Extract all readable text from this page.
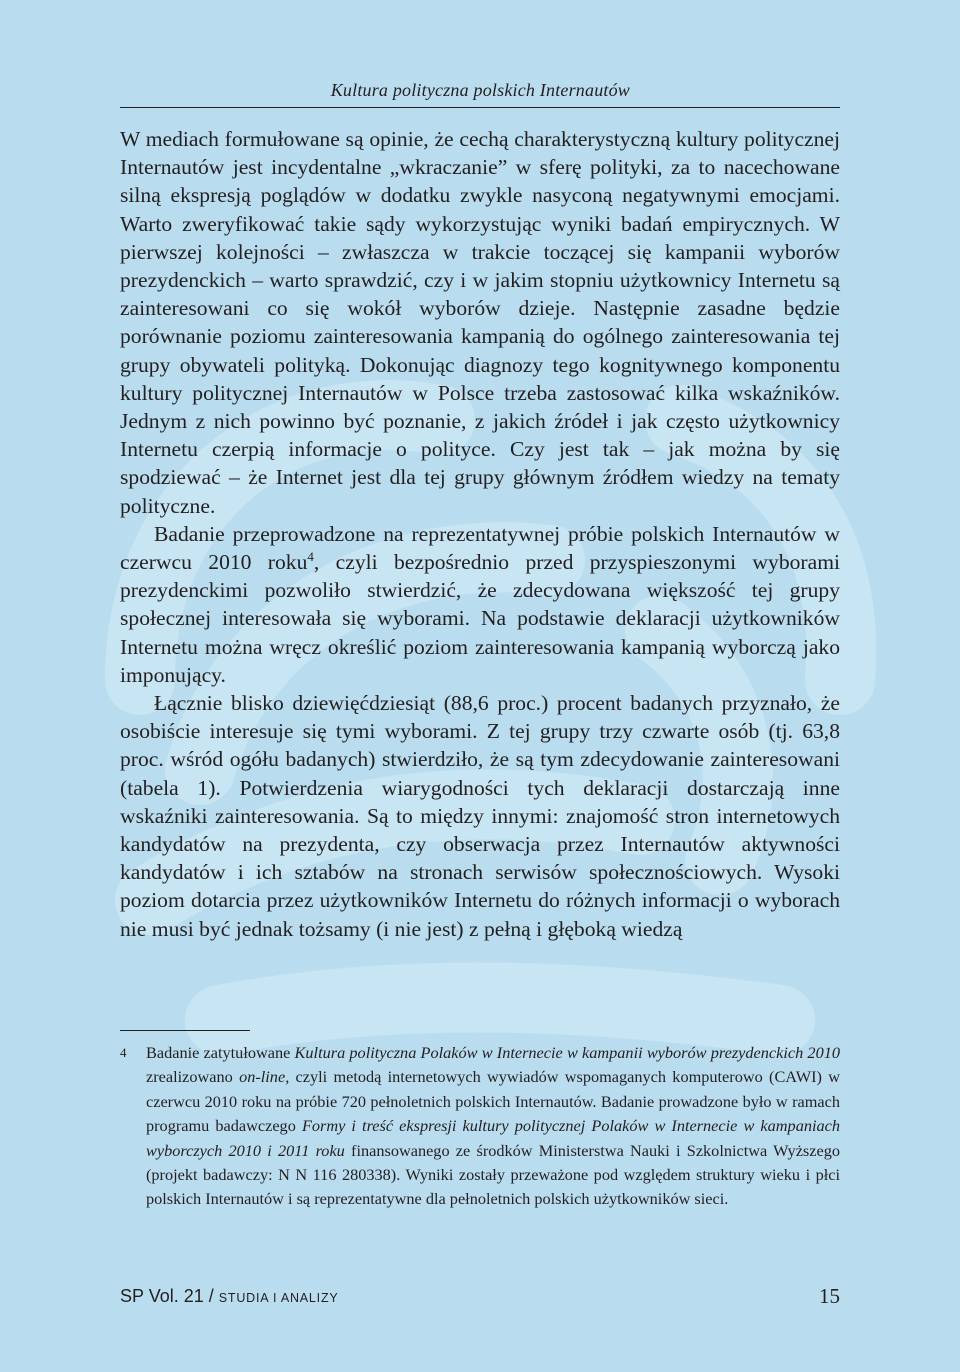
Kultura polityczna polskich Internautów

W mediach formułowane są opinie, że cechą charakterystyczną kultury politycznej Internautów jest incydentalne „wkraczanie” w sferę polityki, za to nacechowane silną ekspresją poglądów w dodatku zwykle nasyconą negatywnymi emocjami. Warto zweryfikować takie sądy wykorzystując wyniki badań empirycznych. W pierwszej kolejności – zwłaszcza w trakcie toczącej się kampanii wyborów prezydenckich – warto sprawdzić, czy i w jakim stopniu użytkownicy Internetu są zainteresowani co się wokół wyborów dzieje. Następnie zasadne będzie porównanie poziomu zainteresowania kampanią do ogólnego zainteresowania tej grupy obywateli polityką. Dokonując diagnozy tego kognitywnego komponentu kultury politycznej Internautów w Polsce trzeba zastosować kilka wskaźników. Jednym z nich powinno być poznanie, z jakich źródeł i jak często użytkownicy Internetu czerpią informacje o polityce. Czy jest tak – jak można by się spodziewać – że Internet jest dla tej grupy głównym źródłem wiedzy na tematy polityczne.

Badanie przeprowadzone na reprezentatywnej próbie polskich Internautów w czerwcu 2010 roku$^4$, czyli bezpośrednio przed przyspieszonymi wyborami prezydenckimi pozwoliło stwierdzić, że zdecydowana większość tej grupy społecznej interesowała się wyborami. Na podstawie deklaracji użytkowników Internetu można wręcz określić poziom zainteresowania kampanią wyborczą jako imponujący.

Łącznie blisko dziewięćdziesiąt (88,6 proc.) procent badanych przyznało, że osobiście interesuje się tymi wyborami. Z tej grupy trzy czwarte osób (tj. 63,8 proc. wśród ogółu badanych) stwierdziło, że są tym zdecydowanie zainteresowani (tabela 1). Potwierdzenia wiarygodności tych deklaracji dostarczają inne wskaźniki zainteresowania. Są to między innymi: znajomość stron internetowych kandydatów na prezydenta, czy obserwacja przez Internautów aktywności kandydatów i ich sztabów na stronach serwisów społecznościowych. Wysoki poziom dotarcia przez użytkowników Internetu do różnych informacji o wyborach nie musi być jednak tożsamy (i nie jest) z pełną i głęboką wiedzą

4 Badanie zatytułowane Kultura polityczna Polaków w Internecie w kampanii wyborów prezydenckich 2010 zrealizowano on-line, czyli metodą internetowych wywiadów wspomaganych komputerowo (CAWI) w czerwcu 2010 roku na próbie 720 pełnoletnich polskich Internautów. Badanie prowadzone było w ramach programu badawczego Formy i treść ekspresji kultury politycznej Polaków w Internecie w kampaniach wyborczych 2010 i 2011 roku finansowanego ze środków Ministerstwa Nauki i Szkolnictwa Wyższego (projekt badawczy: N N 116 280338). Wyniki zostały przeważone pod względem struktury wieku i płci polskich Internautów i są reprezentatywne dla pełnoletnich polskich użytkowników sieci.
SP Vol. 21 / STUDIA I ANALIZY	15
